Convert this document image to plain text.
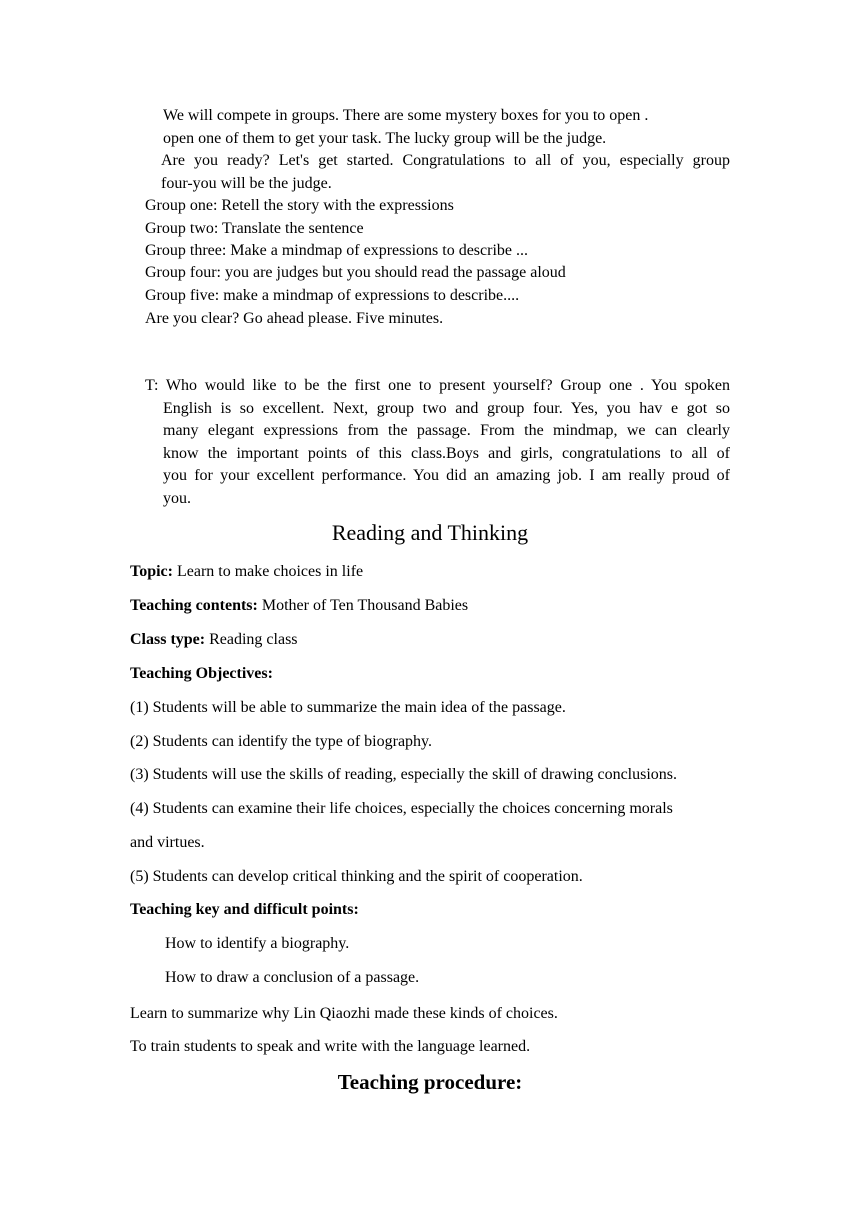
We will compete in groups. There are some mystery boxes for you to open .
open one of them to get your task. The lucky group will be the judge.
Are you ready? Let's get started. Congratulations to all of you, especially group
four-you will be the judge.
Group one: Retell the story with the expressions
Group two: Translate the sentence
Group three: Make a mindmap of expressions to describe ...
Group four: you are judges but you should read the passage aloud
Group five: make a mindmap of expressions to describe....
Are you clear? Go ahead please. Five minutes.
T: Who would like to be the first one to present yourself? Group one . You spoken
English is so excellent. Next, group two and group four. Yes, you hav e got so
many elegant expressions from the passage. From the mindmap, we can clearly
know the important points of this class.Boys and girls, congratulations to all of
you for your excellent performance. You did an amazing job. I am really proud of
you.
Reading and Thinking
Topic: Learn to make choices in life
Teaching contents: Mother of Ten Thousand Babies
Class type: Reading class
Teaching Objectives:
(1) Students will be able to summarize the main idea of the passage.
(2) Students can identify the type of biography.
(3) Students will use the skills of reading, especially the skill of drawing conclusions.
(4) Students can examine their life choices, especially the choices concerning morals
and virtues.
(5) Students can develop critical thinking and the spirit of cooperation.
Teaching key and difficult points:
How to identify a biography.
How to draw a conclusion of a passage.
Learn to summarize why Lin Qiaozhi made these kinds of choices.
To train students to speak and write with the language learned.
Teaching procedure:
